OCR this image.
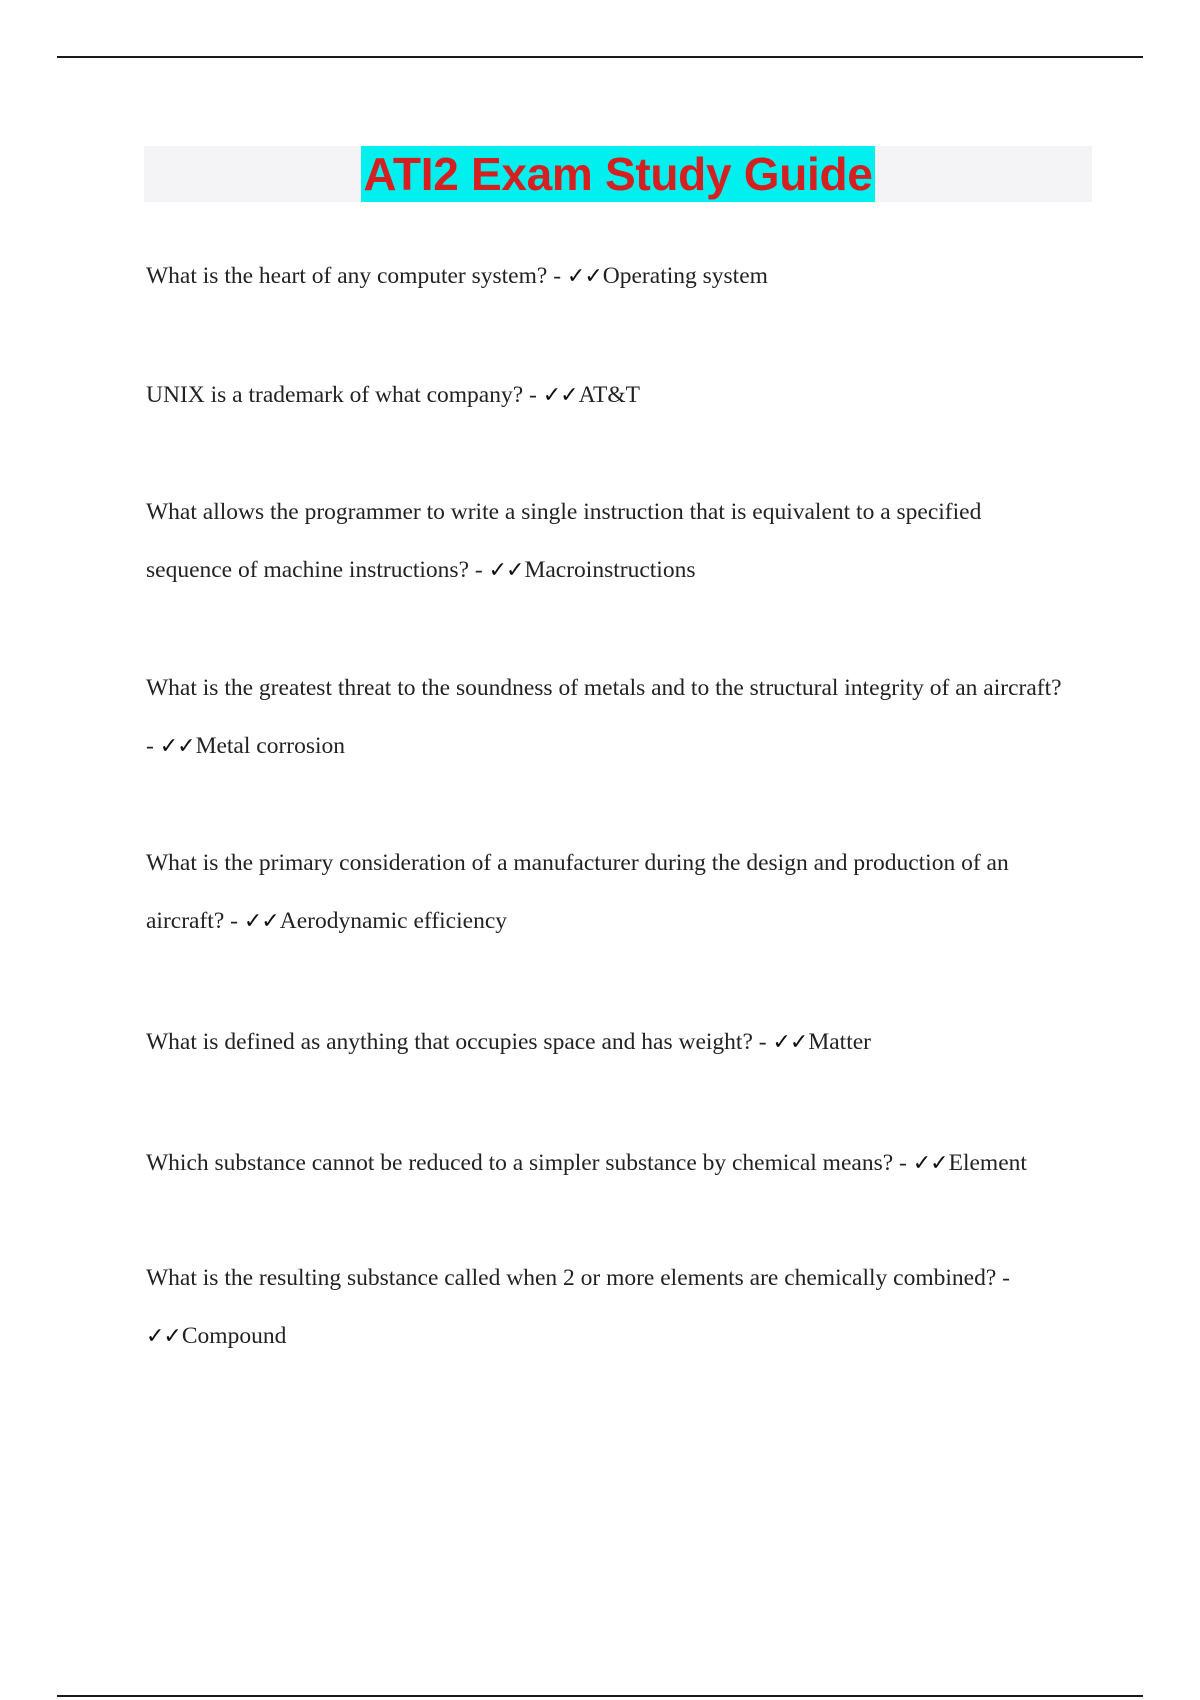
ATI2 Exam Study Guide
What is the heart of any computer system? - ✓✓Operating system
UNIX is a trademark of what company? - ✓✓AT&T
What allows the programmer to write a single instruction that is equivalent to a specified
sequence of machine instructions? - ✓✓Macroinstructions
What is the greatest threat to the soundness of metals and to the structural integrity of an aircraft?
- ✓✓Metal corrosion
What is the primary consideration of a manufacturer during the design and production of an
aircraft? - ✓✓Aerodynamic efficiency
What is defined as anything that occupies space and has weight? - ✓✓Matter
Which substance cannot be reduced to a simpler substance by chemical means? - ✓✓Element
What is the resulting substance called when 2 or more elements are chemically combined? -
✓✓Compound
